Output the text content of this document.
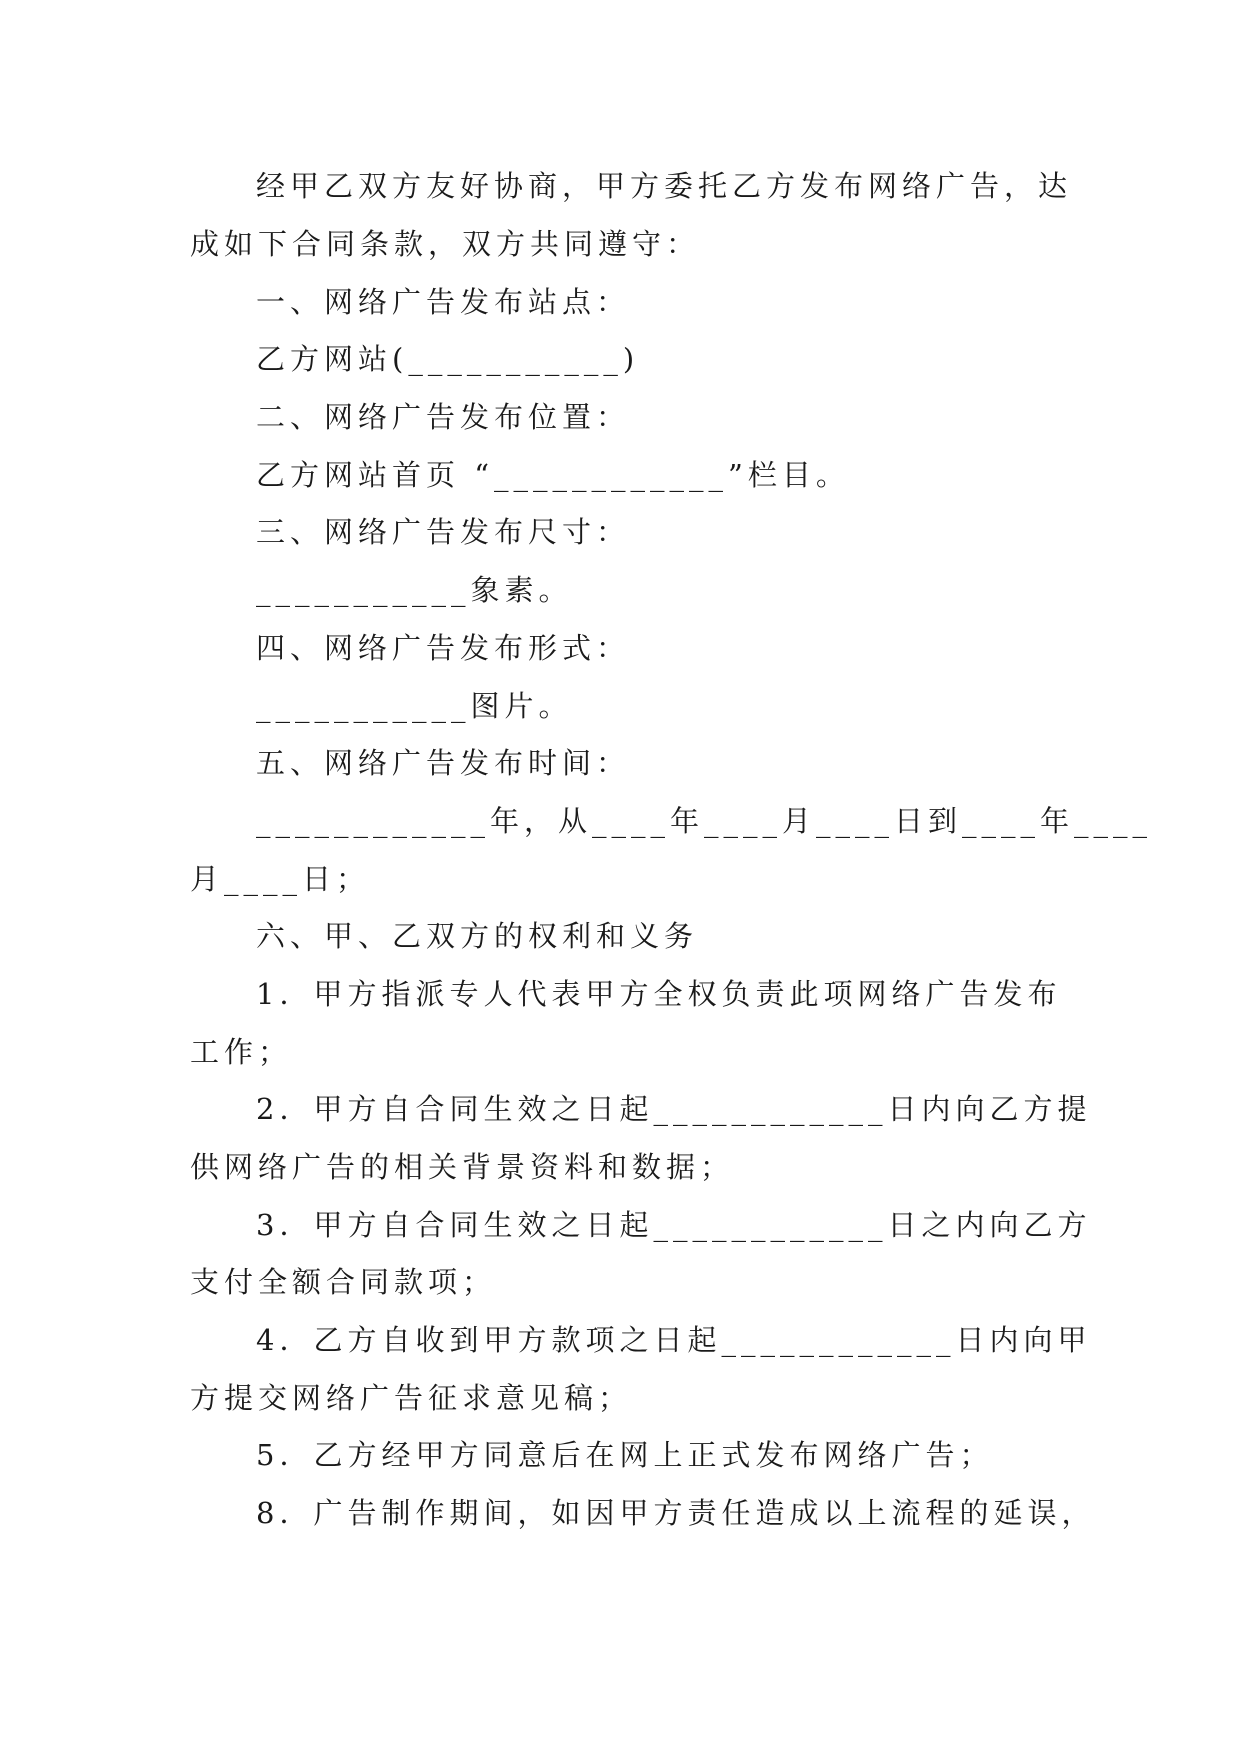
经甲乙双方友好协商，甲方委托乙方发布网络广告，达
成如下合同条款，双方共同遵守：
一、网络广告发布站点：
乙方网站(___________)
二、网络广告发布位置：
乙方网站首页 “____________”栏目。
三、网络广告发布尺寸：
___________象素。
四、网络广告发布形式：
___________图片。
五、网络广告发布时间：
____________年，从____年____月____日到____年____
月____日；
六、甲、乙双方的权利和义务
1．甲方指派专人代表甲方全权负责此项网络广告发布
工作；
2．甲方自合同生效之日起____________日内向乙方提
供网络广告的相关背景资料和数据；
3．甲方自合同生效之日起____________日之内向乙方
支付全额合同款项；
4．乙方自收到甲方款项之日起____________日内向甲
方提交网络广告征求意见稿；
5．乙方经甲方同意后在网上正式发布网络广告；
8．广告制作期间，如因甲方责任造成以上流程的延误，
